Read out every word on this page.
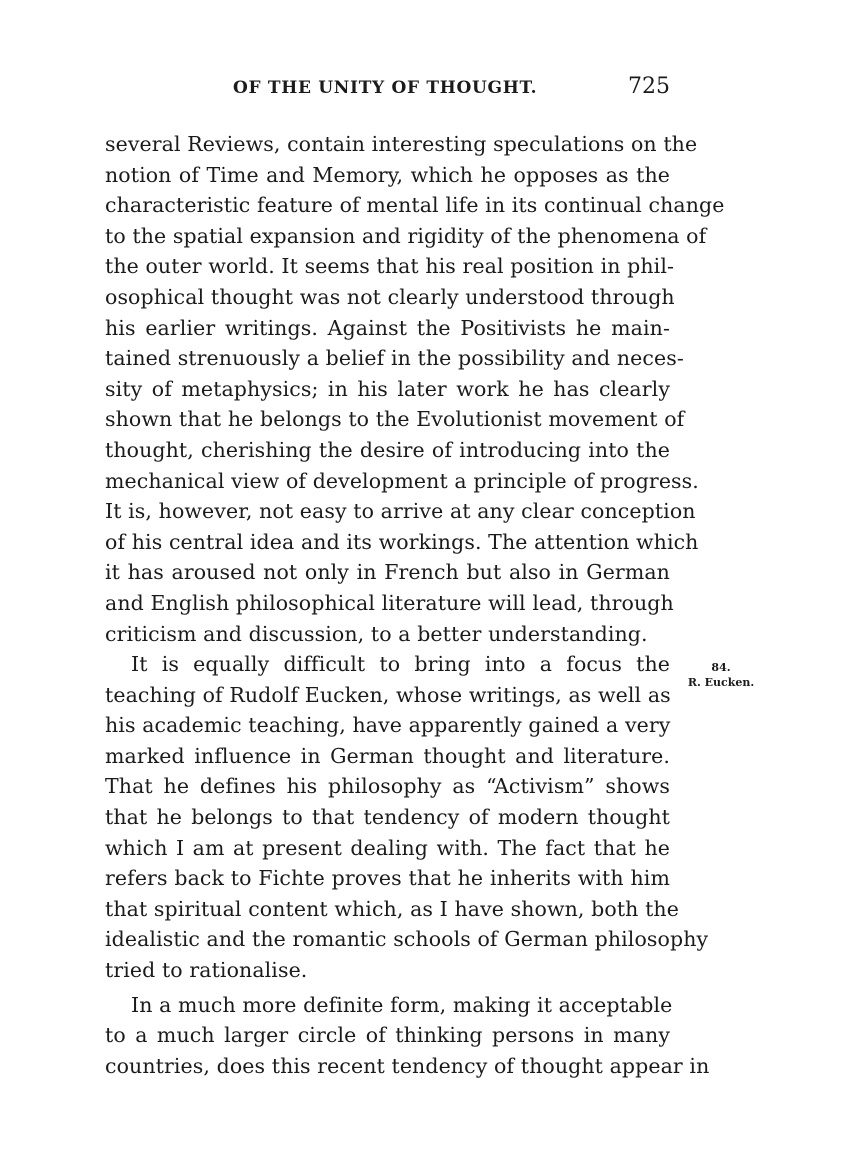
OF THE UNITY OF THOUGHT.	725
several Reviews, contain interesting speculations on the
notion of Time and Memory, which he opposes as the
characteristic feature of mental life in its continual change
to the spatial expansion and rigidity of the phenomena of
the outer world. It seems that his real position in phil-
osophical thought was not clearly understood through
his earlier writings. Against the Positivists he main-
tained strenuously a belief in the possibility and neces-
sity of metaphysics; in his later work he has clearly
shown that he belongs to the Evolutionist movement of
thought, cherishing the desire of introducing into the
mechanical view of development a principle of progress.
It is, however, not easy to arrive at any clear conception
of his central idea and its workings. The attention which
it has aroused not only in French but also in German
and English philosophical literature will lead, through
criticism and discussion, to a better understanding.
It is equally difficult to bring into a focus the
teaching of Rudolf Eucken, whose writings, as well as
his academic teaching, have apparently gained a very
marked influence in German thought and literature.
That he defines his philosophy as “Activism” shows
that he belongs to that tendency of modern thought
which I am at present dealing with. The fact that he
refers back to Fichte proves that he inherits with him
that spiritual content which, as I have shown, both the
idealistic and the romantic schools of German philosophy
tried to rationalise.
In a much more definite form, making it acceptable
to a much larger circle of thinking persons in many
countries, does this recent tendency of thought appear in
84.
R. Eucken.
